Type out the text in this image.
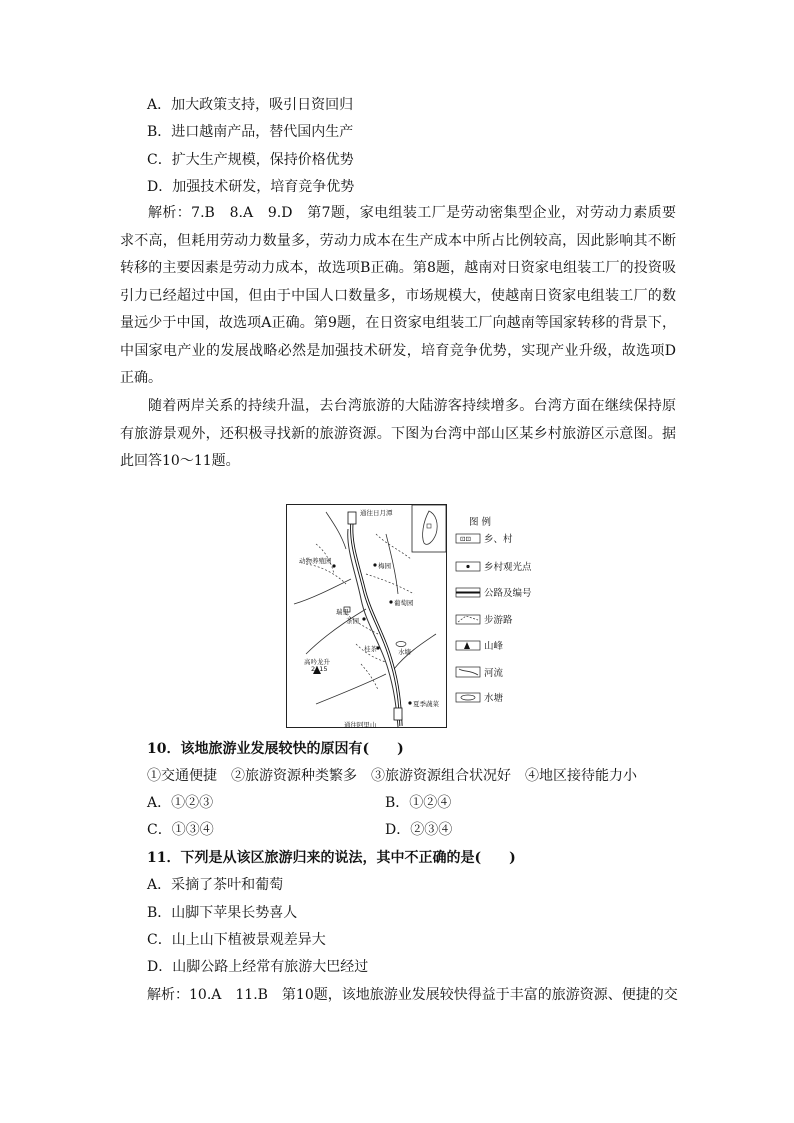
A．加大政策支持，吸引日资回归
B．进口越南产品，替代国内生产
C．扩大生产规模，保持价格优势
D．加强技术研发，培育竞争优势
解析：7.B　8.A　9.D　第7题，家电组装工厂是劳动密集型企业，对劳动力素质要求不高，但耗用劳动力数量多，劳动力成本在生产成本中所占比例较高，因此影响其不断转移的主要因素是劳动力成本，故选项B正确。第8题，越南对日资家电组装工厂的投资吸引力已经超过中国，但由于中国人口数量多，市场规模大，使越南日资家电组装工厂的数量远少于中国，故选项A正确。第9题，在日资家电组装工厂向越南等国家转移的背景下，中国家电产业的发展战略必然是加强技术研发，培育竞争优势，实现产业升级，故选项D正确。
随着两岸关系的持续升温，去台湾旅游的大陆游客持续增多。台湾方面在继续保持原有旅游景观外，还积极寻找新的旅游资源。下图为台湾中部山区某乡村旅游区示意图。据此回答10～11题。
通往日月潭
通往阿里山
动物养殖园
梅园
葡萄园
瑞里
茶园
桂茶	水塘
高吟龙升
2115
夏季蔬菜
图 例
⊡⊡ 乡、村
乡村观光点
公路及编号
步游路
山峰
河流
水塘
10．该地旅游业发展较快的原因有(　　)
①交通便捷　②旅游资源种类繁多　③旅游资源组合状况好　④地区接待能力小
A．①②③	B．①②④
C．①③④	D．②③④
11．下列是从该区旅游归来的说法，其中不正确的是(　　)
A．采摘了茶叶和葡萄
B．山脚下苹果长势喜人
C．山上山下植被景观差异大
D．山脚公路上经常有旅游大巴经过
解析：10.A　11.B　第10题，该地旅游业发展较快得益于丰富的旅游资源、便捷的交
